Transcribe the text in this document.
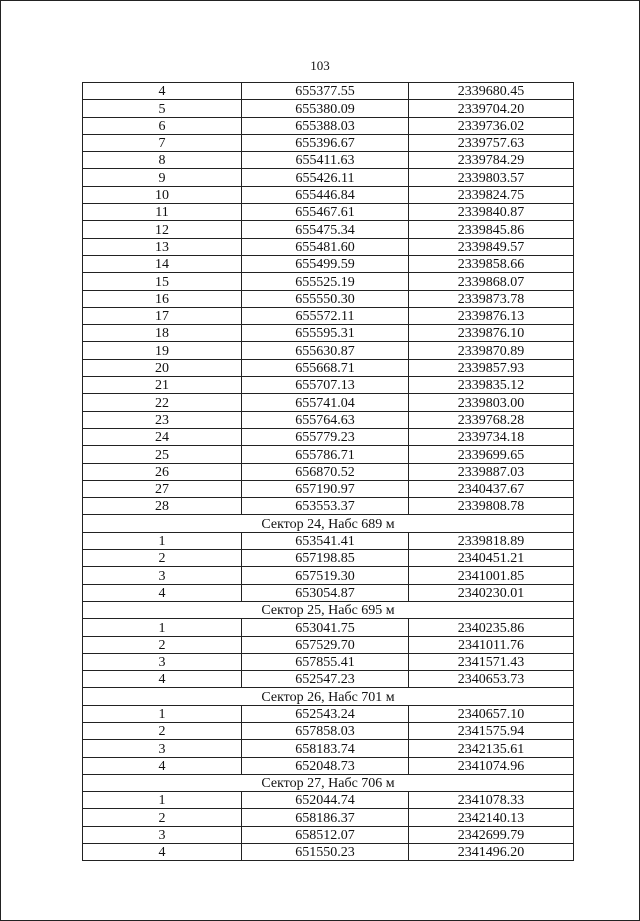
103
4	655377.55	2339680.45
5	655380.09	2339704.20
6	655388.03	2339736.02
7	655396.67	2339757.63
8	655411.63	2339784.29
9	655426.11	2339803.57
10	655446.84	2339824.75
11	655467.61	2339840.87
12	655475.34	2339845.86
13	655481.60	2339849.57
14	655499.59	2339858.66
15	655525.19	2339868.07
16	655550.30	2339873.78
17	655572.11	2339876.13
18	655595.31	2339876.10
19	655630.87	2339870.89
20	655668.71	2339857.93
21	655707.13	2339835.12
22	655741.04	2339803.00
23	655764.63	2339768.28
24	655779.23	2339734.18
25	655786.71	2339699.65
26	656870.52	2339887.03
27	657190.97	2340437.67
28	653553.37	2339808.78
Сектор 24, Набс 689 м		
1	653541.41	2339818.89
2	657198.85	2340451.21
3	657519.30	2341001.85
4	653054.87	2340230.01
Сектор 25, Набс 695 м		
1	653041.75	2340235.86
2	657529.70	2341011.76
3	657855.41	2341571.43
4	652547.23	2340653.73
Сектор 26, Набс 701 м		
1	652543.24	2340657.10
2	657858.03	2341575.94
3	658183.74	2342135.61
4	652048.73	2341074.96
Сектор 27, Набс 706 м		
1	652044.74	2341078.33
2	658186.37	2342140.13
3	658512.07	2342699.79
4	651550.23	2341496.20
